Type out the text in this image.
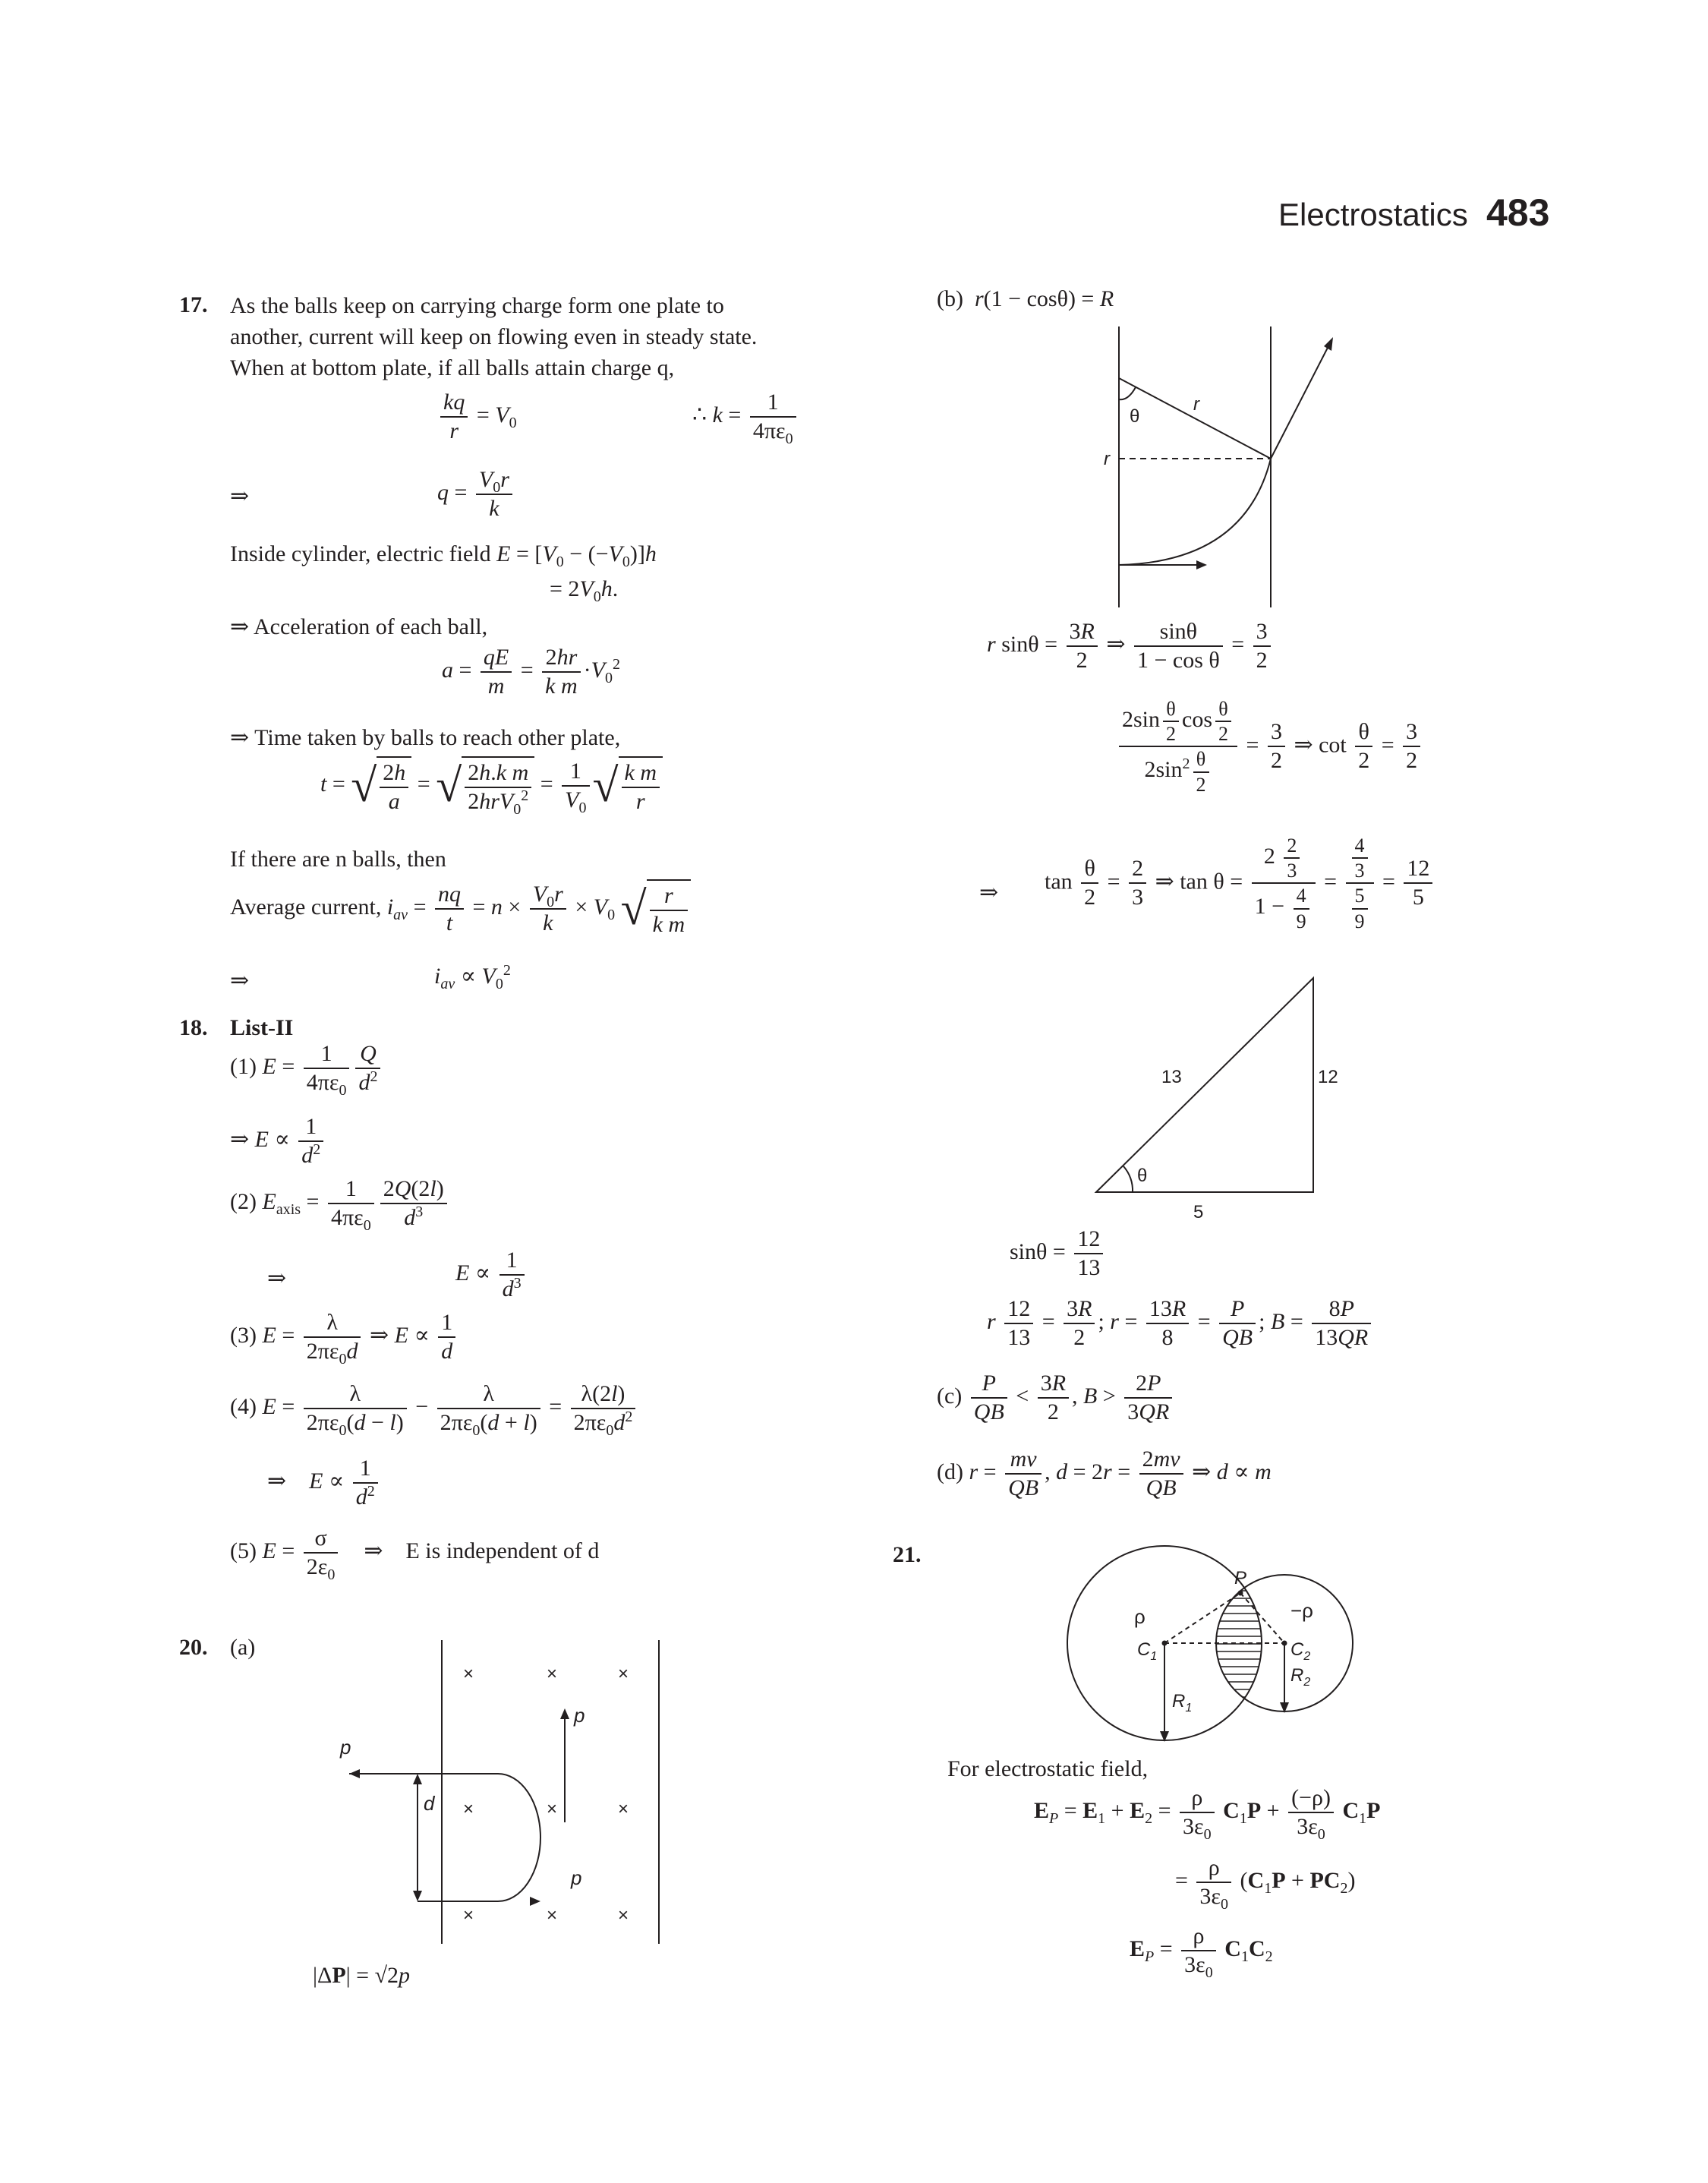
Electrostatics 483
17. As the balls keep on carrying charge form one plate to
another, current will keep on flowing even in steady state.
When at bottom plate, if all balls attain charge q,
$\frac{kq}{r} = V_0$	∴ $k = \frac{1}{4\pi\varepsilon_0}$
⇒	$q = \frac{V_0r}{k}$
Inside cylinder, electric field $E = [V_0 - (-V_0)]h$
= $2V_0h$.
⇒ Acceleration of each ball,
$a = \frac{qE}{m} = \frac{2hr}{\text{k m}} \cdot V_0^2$
⇒ Time taken by balls to reach other plate,
t = √ $\frac{2h}{a}$ = √ $\frac{\text{2h.k m}}{2hrV_0^2} = \frac{1}{V_0}$ √ $\frac{\text{k m}}{r}$
If there are n balls, then
Average current, $i_{av} = \frac{nq}{t} = n \times \frac{V_0r}{k} \times V_0$ √ $\frac{r}{\text{k m}}$
⇒	$i_{av} \propto V_0^2$
18. List-II
(1) $E = \frac{1}{4\pi\varepsilon_0} \frac{Q}{d^2}$
⇒ $E \propto \frac{1}{d^2}$
(2) $E_{axis} = \frac{1}{4\pi\varepsilon_0} \frac{2Q(2l)}{d^3}$
⇒	$E \propto \frac{1}{d^3}$
(3) $E = \frac{\lambda}{2\pi\varepsilon_0d}$ ⇒ $E \propto \frac{1}{d}$
(4) $E = \frac{\lambda}{2\pi\varepsilon_0(d - l)} - \frac{\lambda}{2\pi\varepsilon_0(d + l)} = \frac{\lambda(2l)}{2\pi\varepsilon_0d^2}$
⇒    $E \propto \frac{1}{d^2}$
(5) $E = \frac{\sigma}{2\varepsilon_0}$ ⇒    E is independent of d
20. (a)
×	×	×
×	×	×
×	×	×
p
p
p
d
|ΔP| = √2p
(b) r(1 − cosθ) = R
θ
r
r
r $\sin\theta = \frac{3R}{2}$ ⇒ $\frac{\sin\theta}{\text{1 − cos θ}} = \frac{3}{2}$
$\frac{2\sin \frac{\theta}{2} \cos \frac{\theta}{2}}{2\sin^2 \frac{\theta}{2}} = \frac{3}{2}$ ⇒ $\cot \frac{\theta}{2} = \frac{3}{2}$
⇒ $\tan \frac{\theta}{2} = \frac{2}{3}$ ⇒ $\tan \theta = \frac{2 \frac{2}{3}}{1 - \frac{4}{9}} = \frac{\frac{4}{3}}{\frac{5}{9}} = \frac{12}{5}$
13	12
5
θ
$\sin\theta = \frac{12}{13}$
r $\frac{12}{13} = \frac{3R}{2}$ ; $r = \frac{13R}{8} = \frac{P}{QB}$ ; $B = \frac{8P}{13QR}$
$(c) \frac{P}{QB} < \frac{3R}{2}$ , $B > \frac{2P}{3QR}$
(d) $r = \frac{mv}{QB}$ , $d = 2r = \frac{2mv}{QB}$ ⇒ d ∝ m
21.
P
ρ	−ρ
$C_1$	$C_2$
$R_1$
$R_2$
For electrostatic field,
$E_P = E_1 + E_2 = \frac{\rho}{3\varepsilon_0} C_1P + \frac{(-\rho)}{3\varepsilon_0} C_1P$
= $\frac{\rho}{3\varepsilon_0} (C_1P + PC_2)$
$E_P = \frac{\rho}{3\varepsilon_0} C_1C_2$
